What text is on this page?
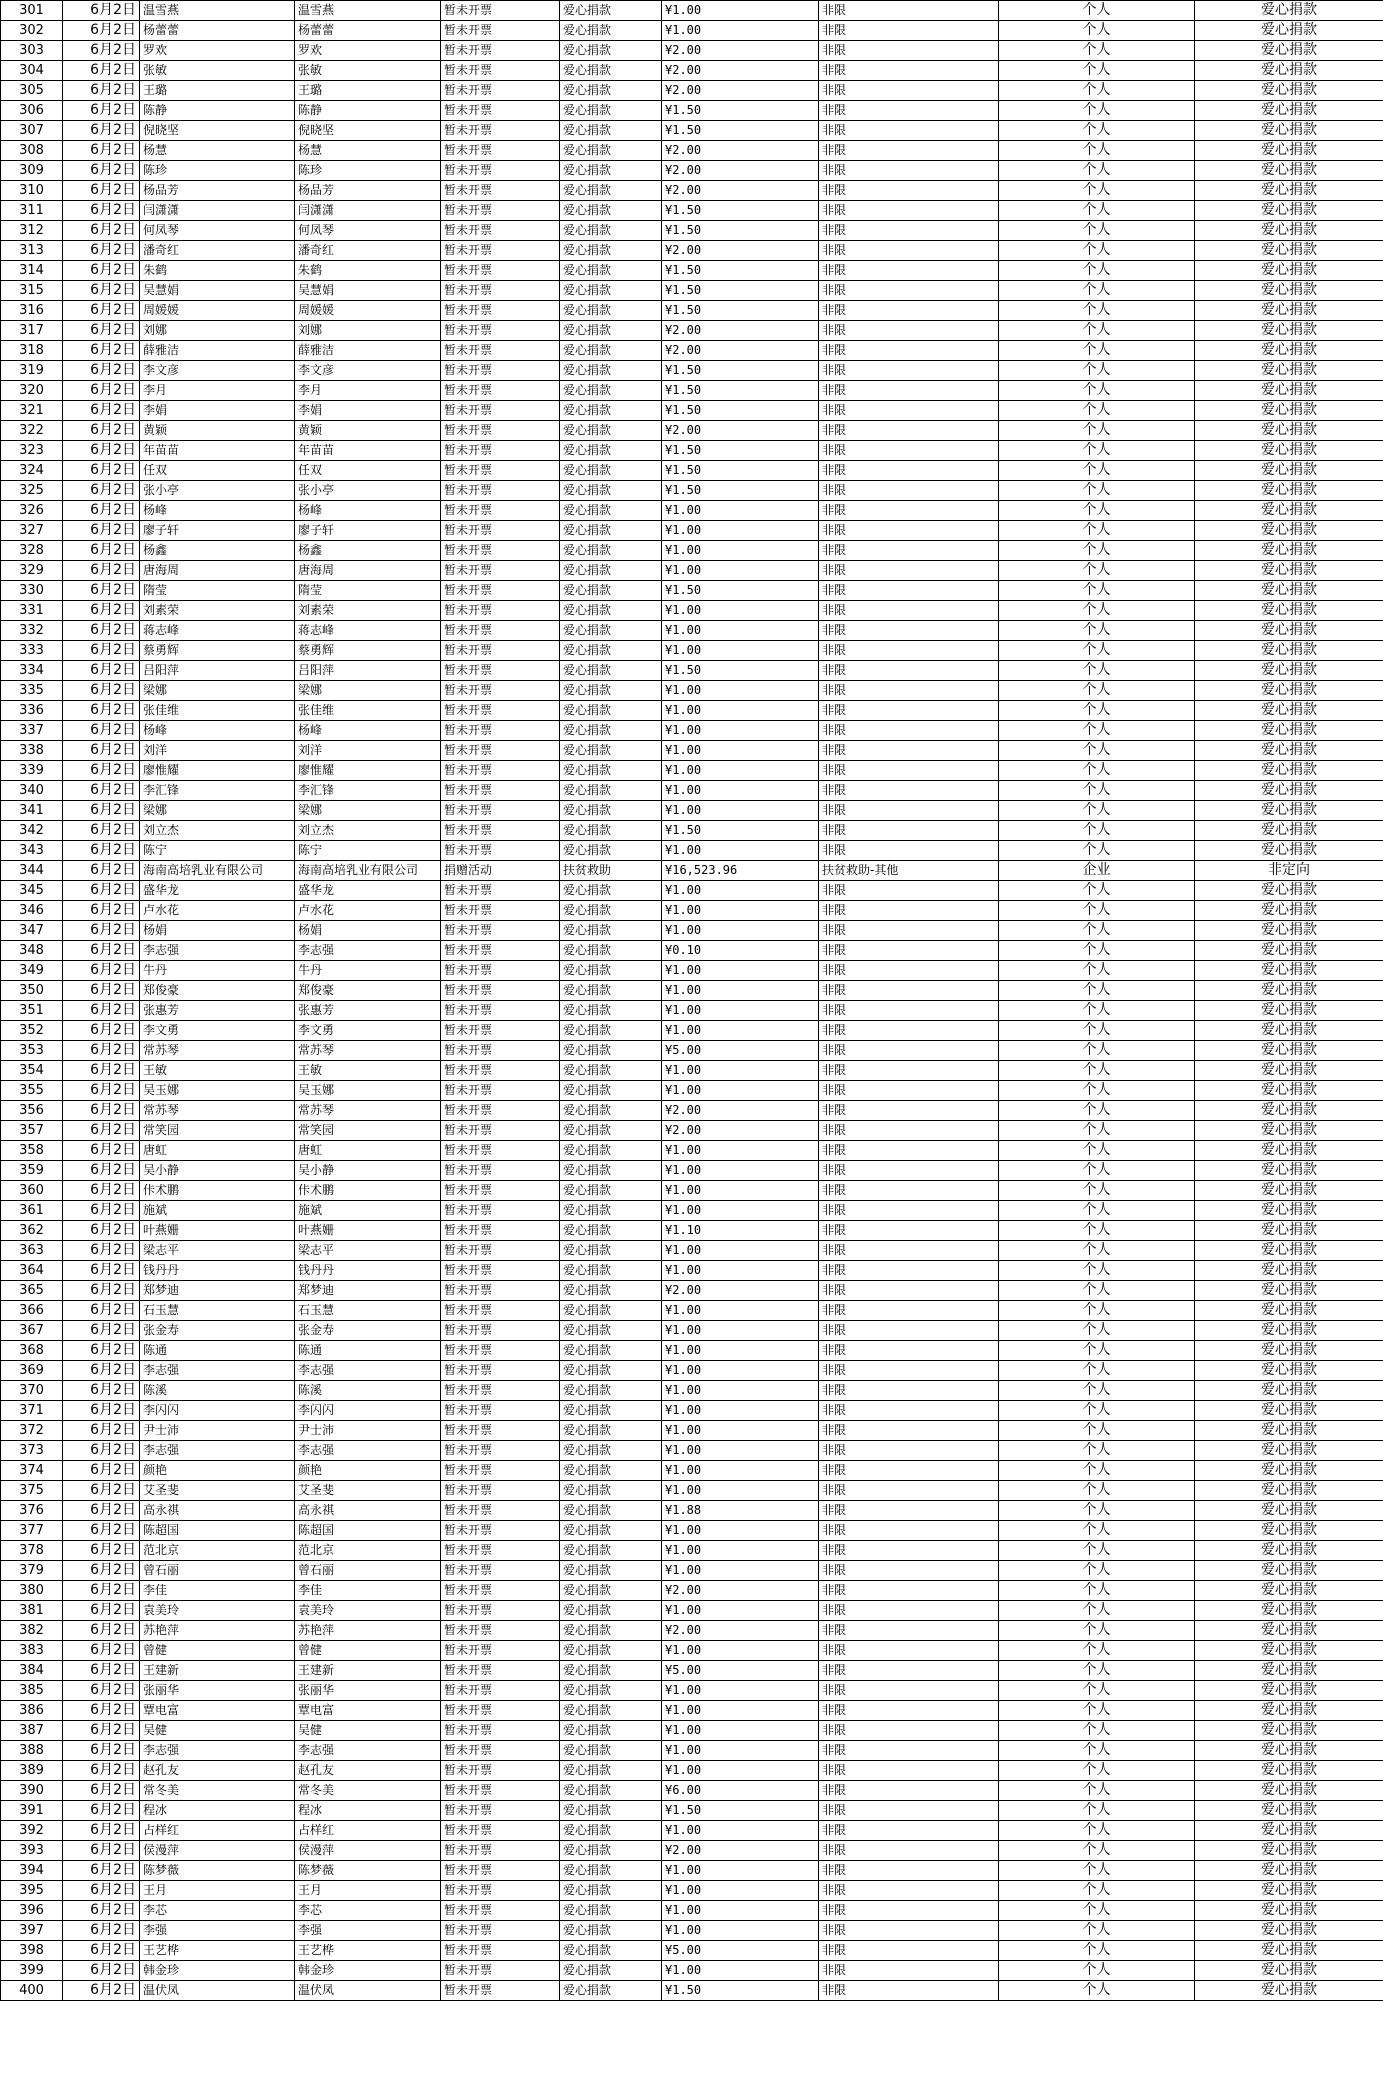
301	6月2日	温雪燕	温雪燕	暂未开票	爱心捐款	¥1.00	非限	个人	爱心捐款
302	6月2日	杨蕾蕾	杨蕾蕾	暂未开票	爱心捐款	¥1.00	非限	个人	爱心捐款
303	6月2日	罗欢	罗欢	暂未开票	爱心捐款	¥2.00	非限	个人	爱心捐款
304	6月2日	张敏	张敏	暂未开票	爱心捐款	¥2.00	非限	个人	爱心捐款
305	6月2日	王璐	王璐	暂未开票	爱心捐款	¥2.00	非限	个人	爱心捐款
306	6月2日	陈静	陈静	暂未开票	爱心捐款	¥1.50	非限	个人	爱心捐款
307	6月2日	倪晓坚	倪晓坚	暂未开票	爱心捐款	¥1.50	非限	个人	爱心捐款
308	6月2日	杨慧	杨慧	暂未开票	爱心捐款	¥2.00	非限	个人	爱心捐款
309	6月2日	陈珍	陈珍	暂未开票	爱心捐款	¥2.00	非限	个人	爱心捐款
310	6月2日	杨品芳	杨品芳	暂未开票	爱心捐款	¥2.00	非限	个人	爱心捐款
311	6月2日	闫潇潇	闫潇潇	暂未开票	爱心捐款	¥1.50	非限	个人	爱心捐款
312	6月2日	何凤琴	何凤琴	暂未开票	爱心捐款	¥1.50	非限	个人	爱心捐款
313	6月2日	潘奇红	潘奇红	暂未开票	爱心捐款	¥2.00	非限	个人	爱心捐款
314	6月2日	朱鹤	朱鹤	暂未开票	爱心捐款	¥1.50	非限	个人	爱心捐款
315	6月2日	吴慧娟	吴慧娟	暂未开票	爱心捐款	¥1.50	非限	个人	爱心捐款
316	6月2日	周媛媛	周媛媛	暂未开票	爱心捐款	¥1.50	非限	个人	爱心捐款
317	6月2日	刘娜	刘娜	暂未开票	爱心捐款	¥2.00	非限	个人	爱心捐款
318	6月2日	薛雅洁	薛雅洁	暂未开票	爱心捐款	¥2.00	非限	个人	爱心捐款
319	6月2日	李文彦	李文彦	暂未开票	爱心捐款	¥1.50	非限	个人	爱心捐款
320	6月2日	李月	李月	暂未开票	爱心捐款	¥1.50	非限	个人	爱心捐款
321	6月2日	李娟	李娟	暂未开票	爱心捐款	¥1.50	非限	个人	爱心捐款
322	6月2日	黄颖	黄颖	暂未开票	爱心捐款	¥2.00	非限	个人	爱心捐款
323	6月2日	年苗苗	年苗苗	暂未开票	爱心捐款	¥1.50	非限	个人	爱心捐款
324	6月2日	任双	任双	暂未开票	爱心捐款	¥1.50	非限	个人	爱心捐款
325	6月2日	张小亭	张小亭	暂未开票	爱心捐款	¥1.50	非限	个人	爱心捐款
326	6月2日	杨峰	杨峰	暂未开票	爱心捐款	¥1.00	非限	个人	爱心捐款
327	6月2日	廖子轩	廖子轩	暂未开票	爱心捐款	¥1.00	非限	个人	爱心捐款
328	6月2日	杨鑫	杨鑫	暂未开票	爱心捐款	¥1.00	非限	个人	爱心捐款
329	6月2日	唐海周	唐海周	暂未开票	爱心捐款	¥1.00	非限	个人	爱心捐款
330	6月2日	隋莹	隋莹	暂未开票	爱心捐款	¥1.50	非限	个人	爱心捐款
331	6月2日	刘素荣	刘素荣	暂未开票	爱心捐款	¥1.00	非限	个人	爱心捐款
332	6月2日	蒋志峰	蒋志峰	暂未开票	爱心捐款	¥1.00	非限	个人	爱心捐款
333	6月2日	蔡勇辉	蔡勇辉	暂未开票	爱心捐款	¥1.00	非限	个人	爱心捐款
334	6月2日	吕阳萍	吕阳萍	暂未开票	爱心捐款	¥1.50	非限	个人	爱心捐款
335	6月2日	梁娜	梁娜	暂未开票	爱心捐款	¥1.00	非限	个人	爱心捐款
336	6月2日	张佳维	张佳维	暂未开票	爱心捐款	¥1.00	非限	个人	爱心捐款
337	6月2日	杨峰	杨峰	暂未开票	爱心捐款	¥1.00	非限	个人	爱心捐款
338	6月2日	刘洋	刘洋	暂未开票	爱心捐款	¥1.00	非限	个人	爱心捐款
339	6月2日	廖惟耀	廖惟耀	暂未开票	爱心捐款	¥1.00	非限	个人	爱心捐款
340	6月2日	李汇锋	李汇锋	暂未开票	爱心捐款	¥1.00	非限	个人	爱心捐款
341	6月2日	梁娜	梁娜	暂未开票	爱心捐款	¥1.00	非限	个人	爱心捐款
342	6月2日	刘立杰	刘立杰	暂未开票	爱心捐款	¥1.50	非限	个人	爱心捐款
343	6月2日	陈宁	陈宁	暂未开票	爱心捐款	¥1.00	非限	个人	爱心捐款
344	6月2日	海南高培乳业有限公司	海南高培乳业有限公司	捐赠活动	扶贫救助	¥16,523.96	扶贫救助-其他	企业	非定向
345	6月2日	盛华龙	盛华龙	暂未开票	爱心捐款	¥1.00	非限	个人	爱心捐款
346	6月2日	卢水花	卢水花	暂未开票	爱心捐款	¥1.00	非限	个人	爱心捐款
347	6月2日	杨娟	杨娟	暂未开票	爱心捐款	¥1.00	非限	个人	爱心捐款
348	6月2日	李志强	李志强	暂未开票	爱心捐款	¥0.10	非限	个人	爱心捐款
349	6月2日	牛丹	牛丹	暂未开票	爱心捐款	¥1.00	非限	个人	爱心捐款
350	6月2日	郑俊豪	郑俊豪	暂未开票	爱心捐款	¥1.00	非限	个人	爱心捐款
351	6月2日	张惠芳	张惠芳	暂未开票	爱心捐款	¥1.00	非限	个人	爱心捐款
352	6月2日	李文勇	李文勇	暂未开票	爱心捐款	¥1.00	非限	个人	爱心捐款
353	6月2日	常苏琴	常苏琴	暂未开票	爱心捐款	¥5.00	非限	个人	爱心捐款
354	6月2日	王敏	王敏	暂未开票	爱心捐款	¥1.00	非限	个人	爱心捐款
355	6月2日	吴玉娜	吴玉娜	暂未开票	爱心捐款	¥1.00	非限	个人	爱心捐款
356	6月2日	常苏琴	常苏琴	暂未开票	爱心捐款	¥2.00	非限	个人	爱心捐款
357	6月2日	常笑园	常笑园	暂未开票	爱心捐款	¥2.00	非限	个人	爱心捐款
358	6月2日	唐虹	唐虹	暂未开票	爱心捐款	¥1.00	非限	个人	爱心捐款
359	6月2日	吴小静	吴小静	暂未开票	爱心捐款	¥1.00	非限	个人	爱心捐款
360	6月2日	佧术鹏	佧术鹏	暂未开票	爱心捐款	¥1.00	非限	个人	爱心捐款
361	6月2日	施斌	施斌	暂未开票	爱心捐款	¥1.00	非限	个人	爱心捐款
362	6月2日	叶燕姗	叶燕姗	暂未开票	爱心捐款	¥1.10	非限	个人	爱心捐款
363	6月2日	梁志平	梁志平	暂未开票	爱心捐款	¥1.00	非限	个人	爱心捐款
364	6月2日	钱丹丹	钱丹丹	暂未开票	爱心捐款	¥1.00	非限	个人	爱心捐款
365	6月2日	郑梦迪	郑梦迪	暂未开票	爱心捐款	¥2.00	非限	个人	爱心捐款
366	6月2日	石玉慧	石玉慧	暂未开票	爱心捐款	¥1.00	非限	个人	爱心捐款
367	6月2日	张金寿	张金寿	暂未开票	爱心捐款	¥1.00	非限	个人	爱心捐款
368	6月2日	陈通	陈通	暂未开票	爱心捐款	¥1.00	非限	个人	爱心捐款
369	6月2日	李志强	李志强	暂未开票	爱心捐款	¥1.00	非限	个人	爱心捐款
370	6月2日	陈溪	陈溪	暂未开票	爱心捐款	¥1.00	非限	个人	爱心捐款
371	6月2日	李闪闪	李闪闪	暂未开票	爱心捐款	¥1.00	非限	个人	爱心捐款
372	6月2日	尹士沛	尹士沛	暂未开票	爱心捐款	¥1.00	非限	个人	爱心捐款
373	6月2日	李志强	李志强	暂未开票	爱心捐款	¥1.00	非限	个人	爱心捐款
374	6月2日	颜艳	颜艳	暂未开票	爱心捐款	¥1.00	非限	个人	爱心捐款
375	6月2日	艾圣斐	艾圣斐	暂未开票	爱心捐款	¥1.00	非限	个人	爱心捐款
376	6月2日	高永祺	高永祺	暂未开票	爱心捐款	¥1.88	非限	个人	爱心捐款
377	6月2日	陈超国	陈超国	暂未开票	爱心捐款	¥1.00	非限	个人	爱心捐款
378	6月2日	范北京	范北京	暂未开票	爱心捐款	¥1.00	非限	个人	爱心捐款
379	6月2日	曾石丽	曾石丽	暂未开票	爱心捐款	¥1.00	非限	个人	爱心捐款
380	6月2日	李佳	李佳	暂未开票	爱心捐款	¥2.00	非限	个人	爱心捐款
381	6月2日	袁美玲	袁美玲	暂未开票	爱心捐款	¥1.00	非限	个人	爱心捐款
382	6月2日	苏艳萍	苏艳萍	暂未开票	爱心捐款	¥2.00	非限	个人	爱心捐款
383	6月2日	曾健	曾健	暂未开票	爱心捐款	¥1.00	非限	个人	爱心捐款
384	6月2日	王建新	王建新	暂未开票	爱心捐款	¥5.00	非限	个人	爱心捐款
385	6月2日	张丽华	张丽华	暂未开票	爱心捐款	¥1.00	非限	个人	爱心捐款
386	6月2日	覃电富	覃电富	暂未开票	爱心捐款	¥1.00	非限	个人	爱心捐款
387	6月2日	吴健	吴健	暂未开票	爱心捐款	¥1.00	非限	个人	爱心捐款
388	6月2日	李志强	李志强	暂未开票	爱心捐款	¥1.00	非限	个人	爱心捐款
389	6月2日	赵孔友	赵孔友	暂未开票	爱心捐款	¥1.00	非限	个人	爱心捐款
390	6月2日	常冬美	常冬美	暂未开票	爱心捐款	¥6.00	非限	个人	爱心捐款
391	6月2日	程冰	程冰	暂未开票	爱心捐款	¥1.50	非限	个人	爱心捐款
392	6月2日	占样红	占样红	暂未开票	爱心捐款	¥1.00	非限	个人	爱心捐款
393	6月2日	侯漫萍	侯漫萍	暂未开票	爱心捐款	¥2.00	非限	个人	爱心捐款
394	6月2日	陈梦薇	陈梦薇	暂未开票	爱心捐款	¥1.00	非限	个人	爱心捐款
395	6月2日	王月	王月	暂未开票	爱心捐款	¥1.00	非限	个人	爱心捐款
396	6月2日	李芯	李芯	暂未开票	爱心捐款	¥1.00	非限	个人	爱心捐款
397	6月2日	李强	李强	暂未开票	爱心捐款	¥1.00	非限	个人	爱心捐款
398	6月2日	王艺桦	王艺桦	暂未开票	爱心捐款	¥5.00	非限	个人	爱心捐款
399	6月2日	韩金珍	韩金珍	暂未开票	爱心捐款	¥1.00	非限	个人	爱心捐款
400	6月2日	温伏凤	温伏凤	暂未开票	爱心捐款	¥1.50	非限	个人	爱心捐款
